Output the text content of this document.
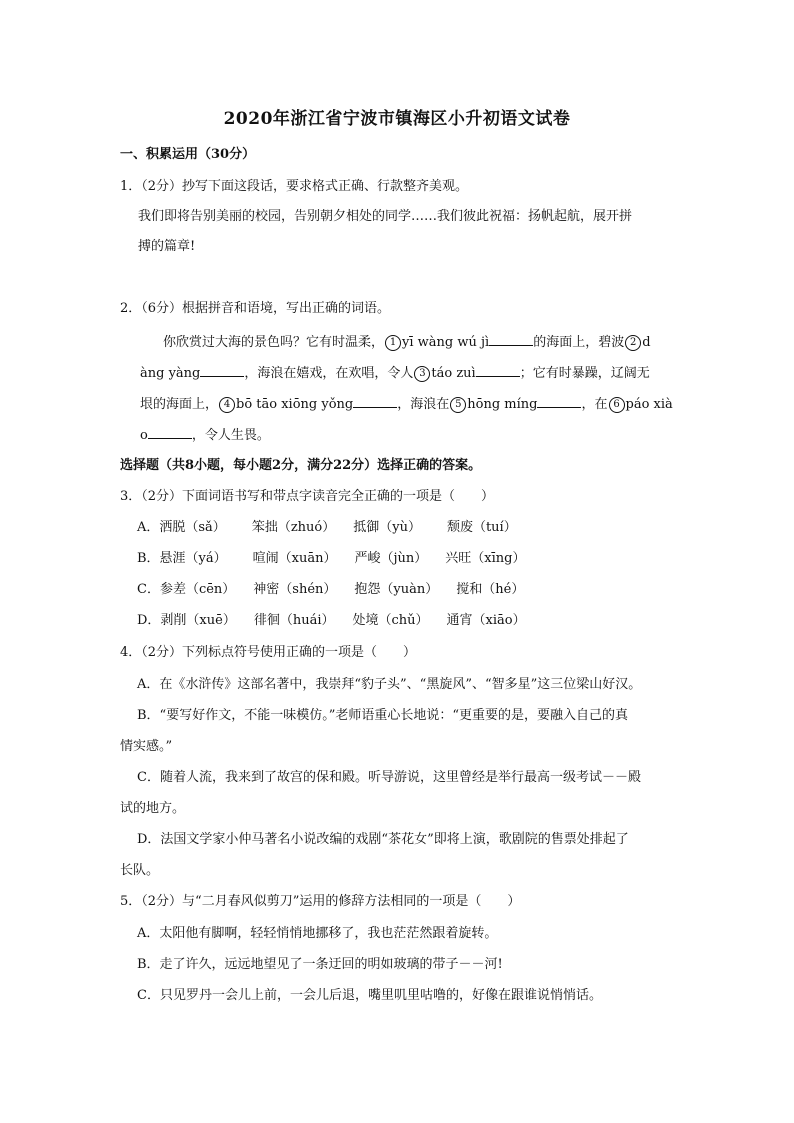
2020年浙江省宁波市镇海区小升初语文试卷
一、积累运用（30分）
1．（2分）抄写下面这段话，要求格式正确、行款整齐美观。
我们即将告别美丽的校园，告别朝夕相处的同学……我们彼此祝福：扬帆起航，展开拼
搏的篇章!
2．（6分）根据拼音和语境，写出正确的词语。
你欣赏过大海的景色吗？它有时温柔， 1 yī wàng wú jì	的海面上，碧波 2 d
àng yàng	，海浪在嬉戏，在欢唱，令人 3 táo zuì	；它有时暴躁，辽阔无
垠的海面上， 4 bō tāo xiōng yǒng	，海浪在 5 hōng míng	，在 6 páo xià
o	，令人生畏。
选择题（共8小题，每小题2分，满分22分）选择正确的答案。
3．（2分）下面词语书写和带点字读音完全正确的一项是（　　）
A．洒脱（sǎ） 笨拙（zhuó） 抵御（yù） 颓废（tuí）
B．悬涯（yá） 喧闹（xuān） 严峻（jùn） 兴旺（xīng）
C．参差（cēn） 神密（shén） 抱怨（yuàn） 搅和（hé）
D．剥削（xuē） 徘徊（huái） 处境（chǔ） 通宵（xiāo）
4．（2分）下列标点符号使用正确的一项是（　　）
A．在《水浒传》这部名著中，我崇拜“豹子头”、“黑旋风”、“智多星”这三位梁山好汉。
B．“要写好作文，不能一味模仿。”老师语重心长地说：“更重要的是，要融入自己的真
情实感。”
C．随着人流，我来到了故宫的保和殿。听导游说，这里曾经是举行最高一级考试－－殿
试的地方。
D．法国文学家小仲马著名小说改编的戏剧“茶花女”即将上演，歌剧院的售票处排起了
长队。
5．（2分）与“二月春风似剪刀”运用的修辞方法相同的一项是（　　）
A．太阳他有脚啊，轻轻悄悄地挪移了，我也茫茫然跟着旋转。
B．走了许久，远远地望见了一条迂回的明如玻璃的带子－－河!
C．只见罗丹一会儿上前，一会儿后退，嘴里叽里咕噜的，好像在跟谁说悄悄话。
